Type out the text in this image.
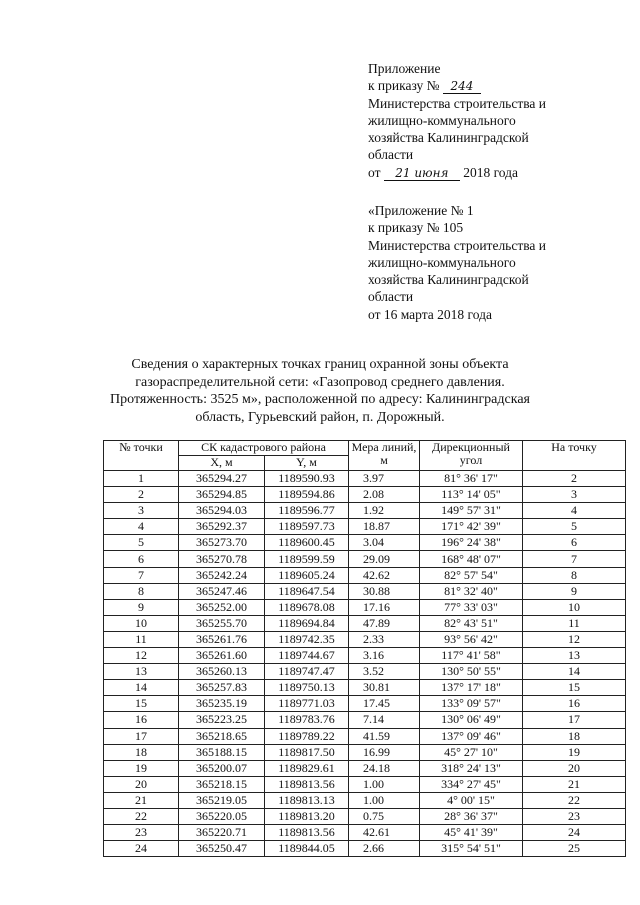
Приложение
к приказу № 244
Министерства строительства и
жилищно-коммунального
хозяйства Калининградской
области
от 21 июня 2018 года
«Приложение № 1
к приказу № 105
Министерства строительства и
жилищно-коммунального
хозяйства Калининградской
области
от 16 марта 2018 года
Сведения о характерных точках границ охранной зоны объекта
газораспределительной сети: «Газопровод среднего давления.
Протяженность: 3525 м», расположенной по адресу: Калининградская
область, Гурьевский район, п. Дорожный.
№ точки	СК кадастрового района		Мера линий, м	Дирекционный угол	На точку
	X, м	Y, м			
1	365294.27	1189590.93	3.97	81° 36' 17"	2
2	365294.85	1189594.86	2.08	113° 14' 05"	3
3	365294.03	1189596.77	1.92	149° 57' 31"	4
4	365292.37	1189597.73	18.87	171° 42' 39"	5
5	365273.70	1189600.45	3.04	196° 24' 38"	6
6	365270.78	1189599.59	29.09	168° 48' 07"	7
7	365242.24	1189605.24	42.62	82° 57' 54"	8
8	365247.46	1189647.54	30.88	81° 32' 40"	9
9	365252.00	1189678.08	17.16	77° 33' 03"	10
10	365255.70	1189694.84	47.89	82° 43' 51"	11
11	365261.76	1189742.35	2.33	93° 56' 42"	12
12	365261.60	1189744.67	3.16	117° 41' 58"	13
13	365260.13	1189747.47	3.52	130° 50' 55"	14
14	365257.83	1189750.13	30.81	137° 17' 18"	15
15	365235.19	1189771.03	17.45	133° 09' 57"	16
16	365223.25	1189783.76	7.14	130° 06' 49"	17
17	365218.65	1189789.22	41.59	137° 09' 46"	18
18	365188.15	1189817.50	16.99	45° 27' 10"	19
19	365200.07	1189829.61	24.18	318° 24' 13"	20
20	365218.15	1189813.56	1.00	334° 27' 45"	21
21	365219.05	1189813.13	1.00	4° 00' 15"	22
22	365220.05	1189813.20	0.75	28° 36' 37"	23
23	365220.71	1189813.56	42.61	45° 41' 39"	24
24	365250.47	1189844.05	2.66	315° 54' 51"	25
